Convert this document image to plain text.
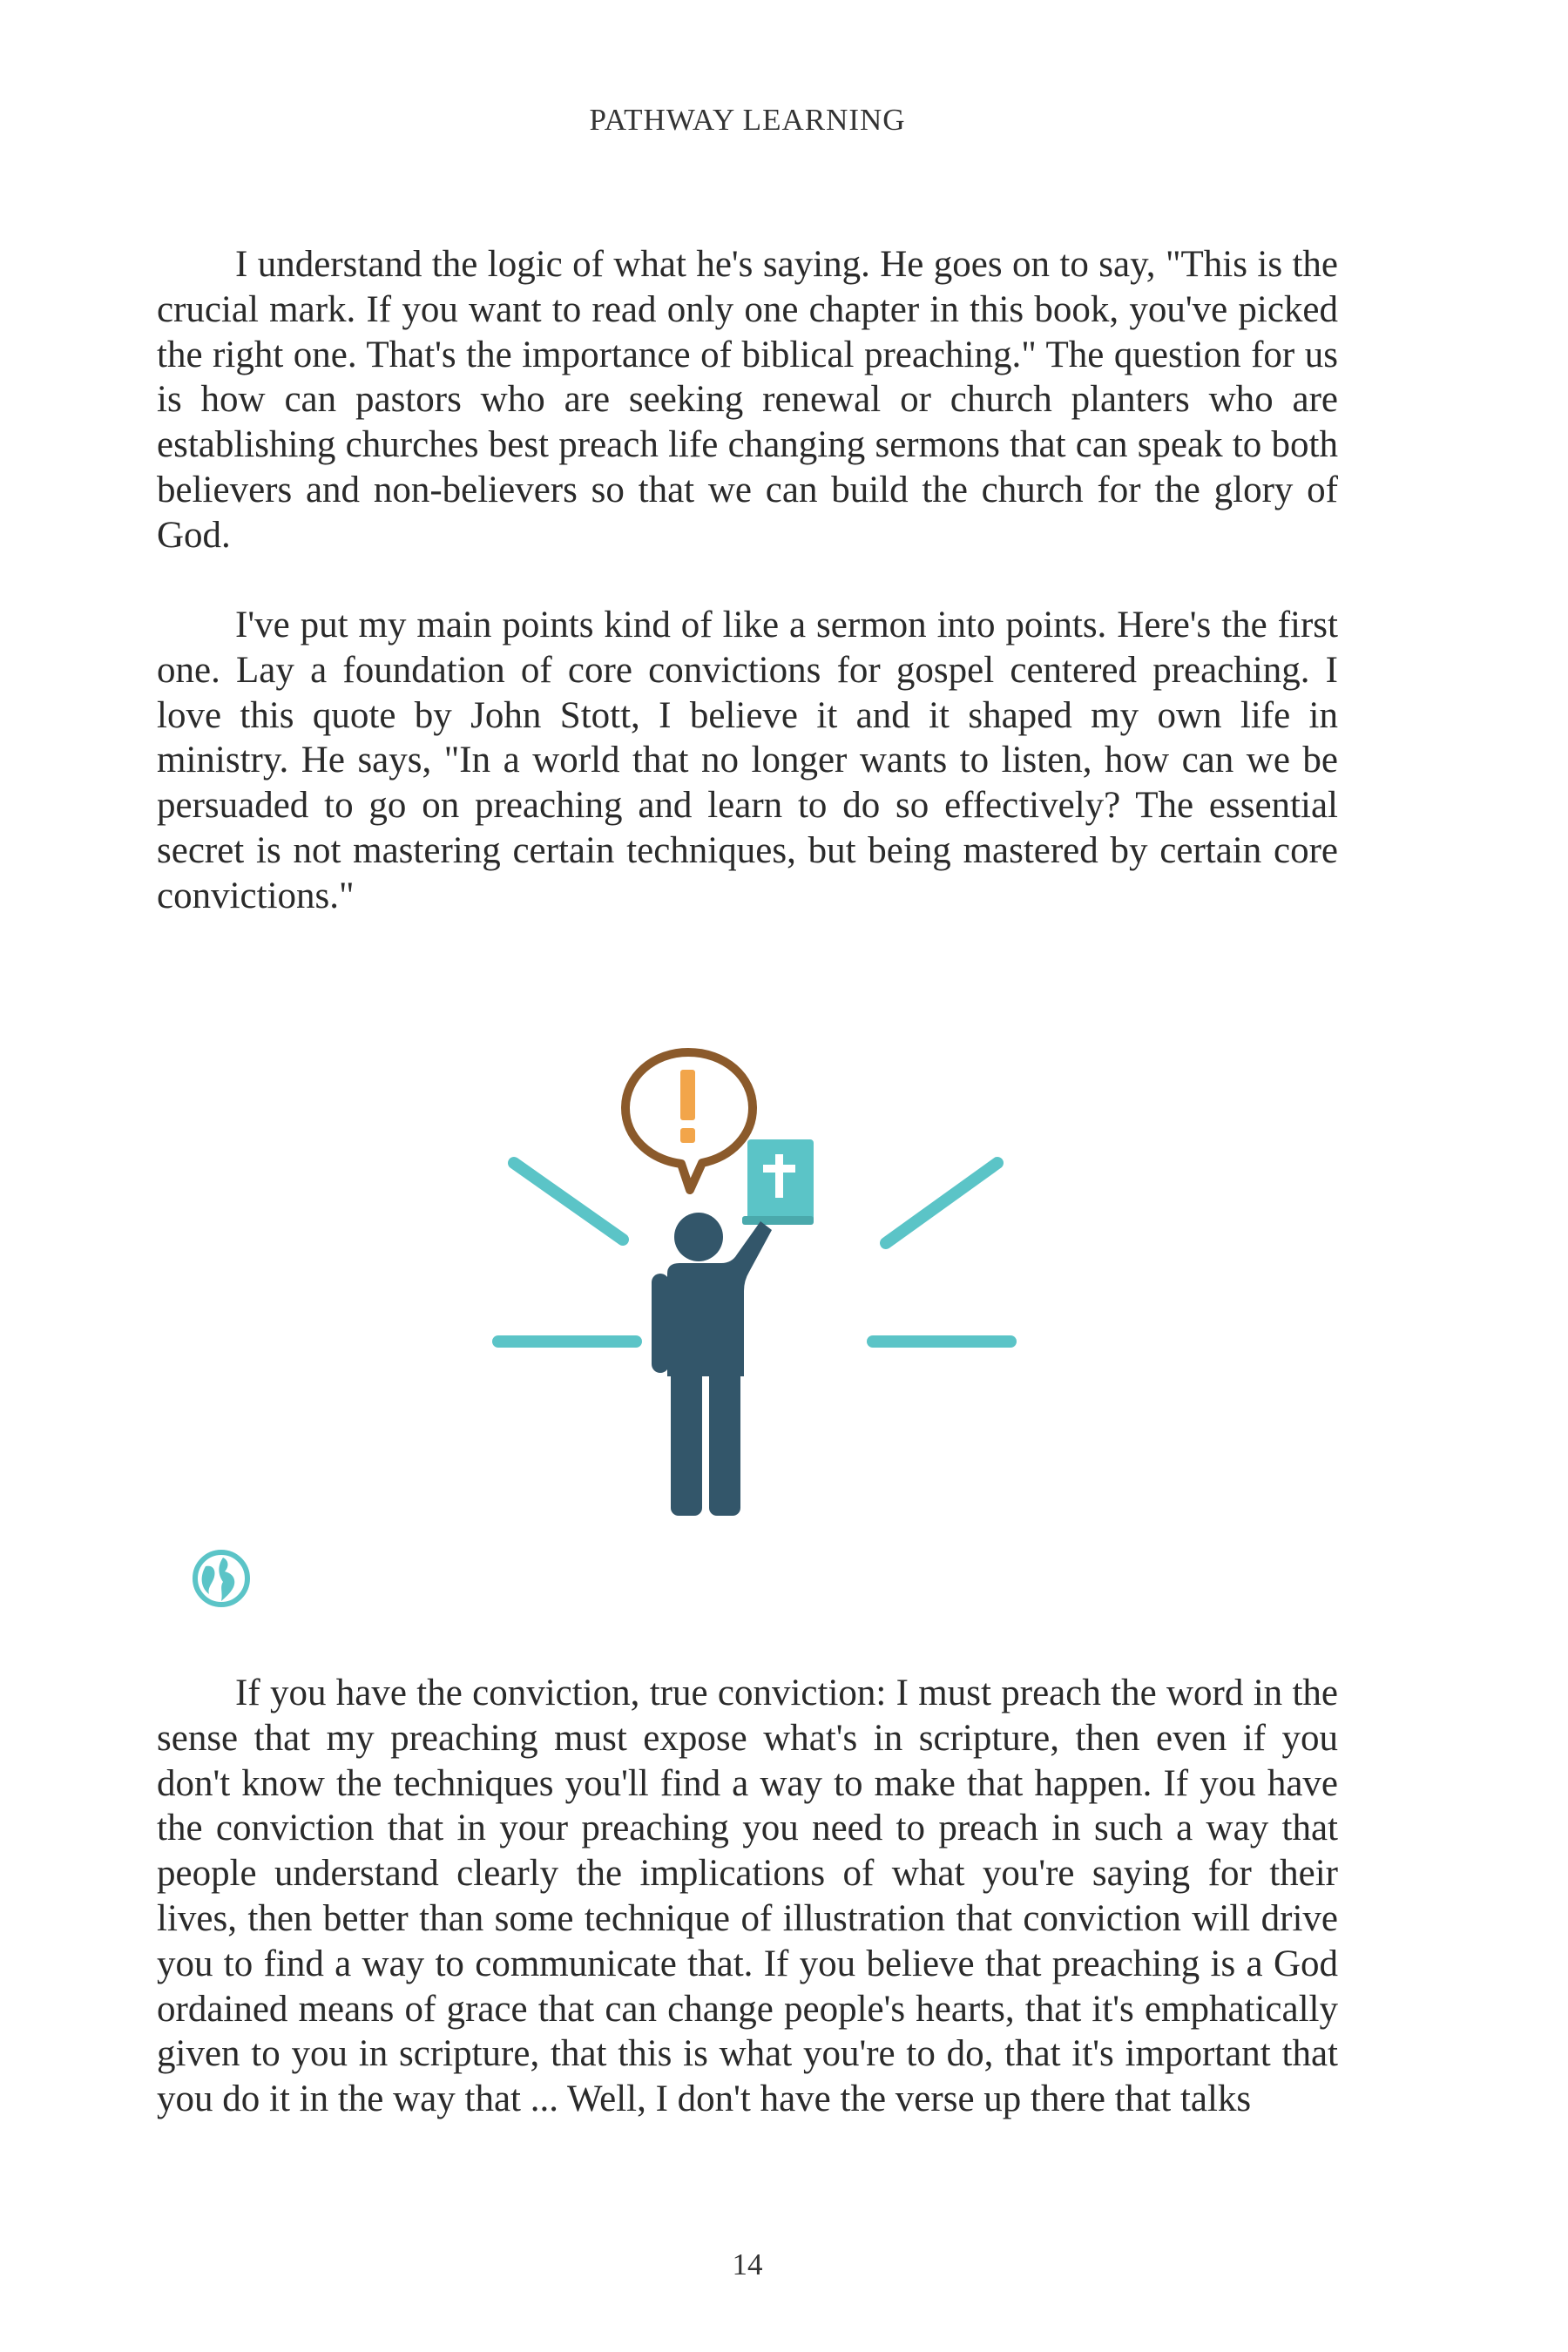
PATHWAY LEARNING

I understand the logic of what he's saying. He goes on to say, "This is the crucial mark. If you want to read only one chapter in this book, you've picked the right one. That's the importance of biblical preaching." The question for us is how can pastors who are seeking renewal or church planters who are establishing churches best preach life changing sermons that can speak to both believers and non-believers so that we can build the church for the glory of God.

I've put my main points kind of like a sermon into points. Here's the first one. Lay a foundation of core convictions for gospel centered preaching. I love this quote by John Stott, I believe it and it shaped my own life in ministry. He says, "In a world that no longer wants to listen, how can we be persuaded to go on preaching and learn to do so effectively? The essential secret is not mastering certain techniques, but being mastered by certain core convictions."

If you have the conviction, true conviction: I must preach the word in the sense that my preaching must expose what's in scripture, then even if you don't know the techniques you'll find a way to make that happen. If you have the conviction that in your preaching you need to preach in such a way that people understand clearly the implications of what you're saying for their lives, then better than some technique of illustration that conviction will drive you to find a way to communicate that. If you believe that preaching is a God ordained means of grace that can change people's hearts, that it's emphatically given to you in scripture, that this is what you're to do, that it's important that you do it in the way that ... Well, I don't have the verse up there that talks

14
